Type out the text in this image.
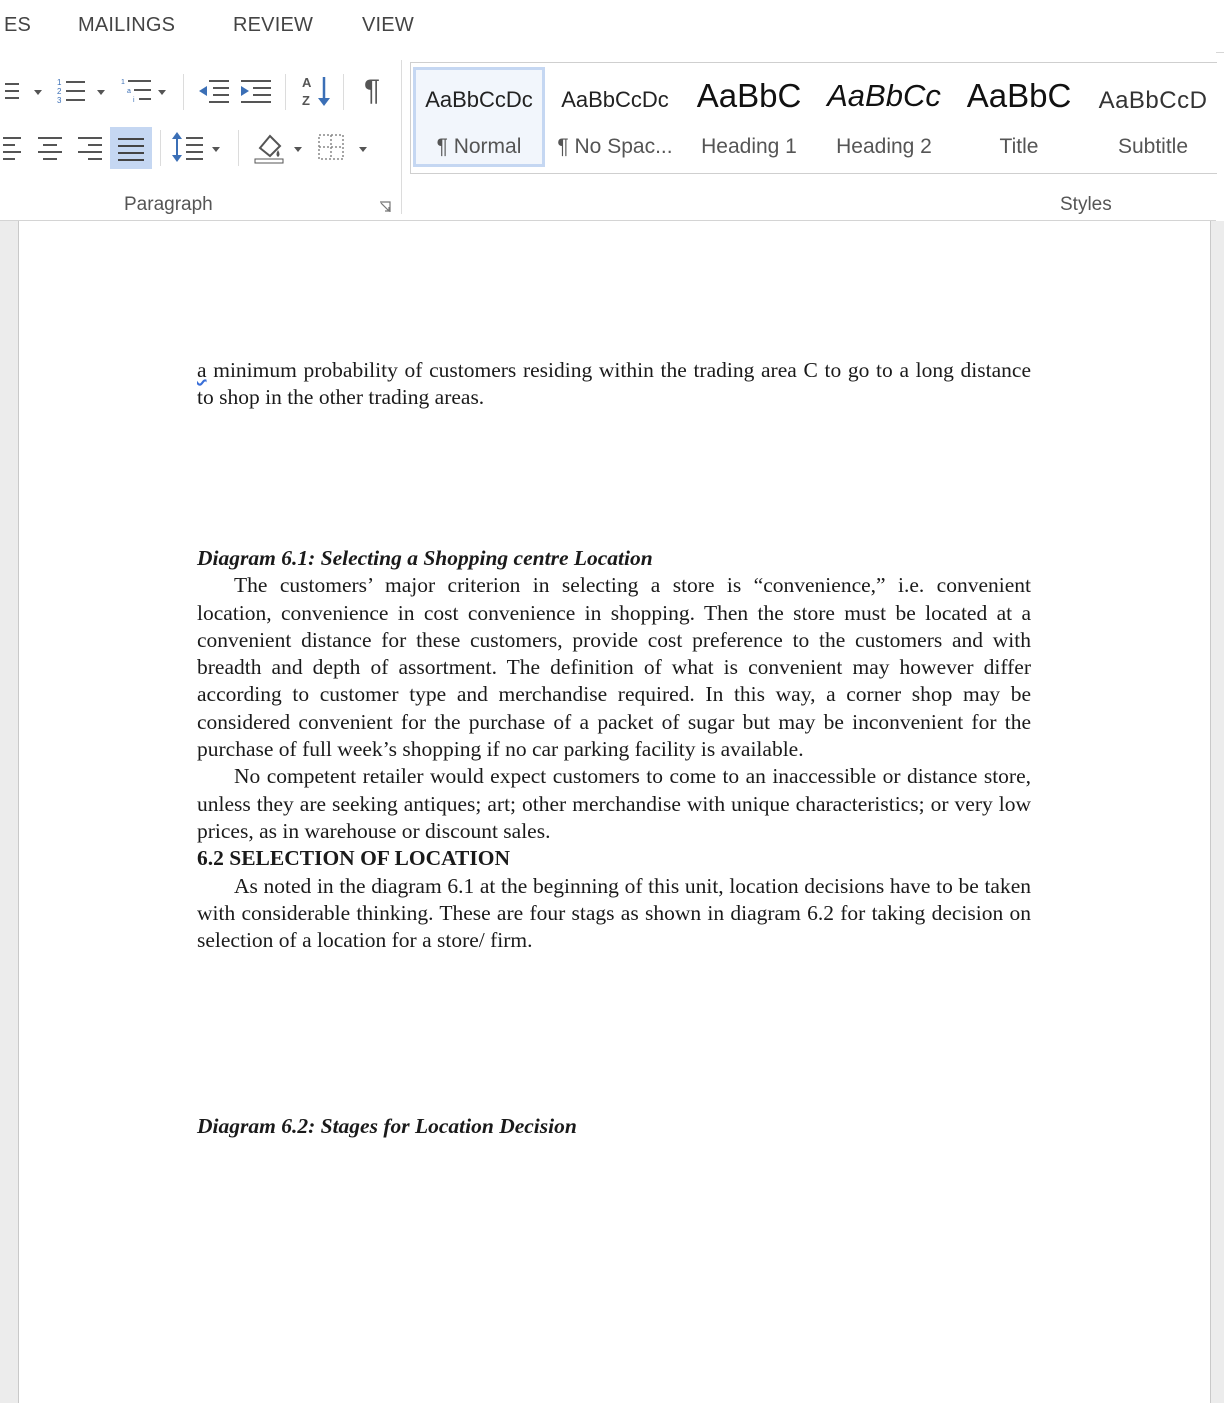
ES MAILINGS	REVIEW VIEW
1
2
3
1
a
i
A
Z ¶
Paragraph
AaBbCcDc
¶ Normal
AaBbCcDc
¶ No Spac...
AaBbC
Heading 1
AaBbCc
Heading 2
AaBbC
Title
AaBbCcD
Subtitle
Styles

a minimum probability of customers residing within the trading area C to go to a long distance to shop in the other trading areas.

Diagram 6.1: Selecting a Shopping centre Location

The customers’ major criterion in selecting a store is “convenience,” i.e. convenient location, convenience in cost convenience in shopping. Then the store must be located at a convenient distance for these customers, provide cost preference to the customers and with breadth and depth of assortment. The definition of what is convenient may however differ according to customer type and merchandise required. In this way, a corner shop may be considered convenient for the purchase of a packet of sugar but may be inconvenient for the purchase of full week’s shopping if no car parking facility is available.

No competent retailer would expect customers to come to an inaccessible or distance store, unless they are seeking antiques; art; other merchandise with unique characteristics; or very low prices, as in warehouse or discount sales.

6.2 SELECTION OF LOCATION

As noted in the diagram 6.1 at the beginning of this unit, location decisions have to be taken with considerable thinking. These are four stags as shown in diagram 6.2 for taking decision on selection of a location for a store/ firm.

Diagram 6.2: Stages for Location Decision
